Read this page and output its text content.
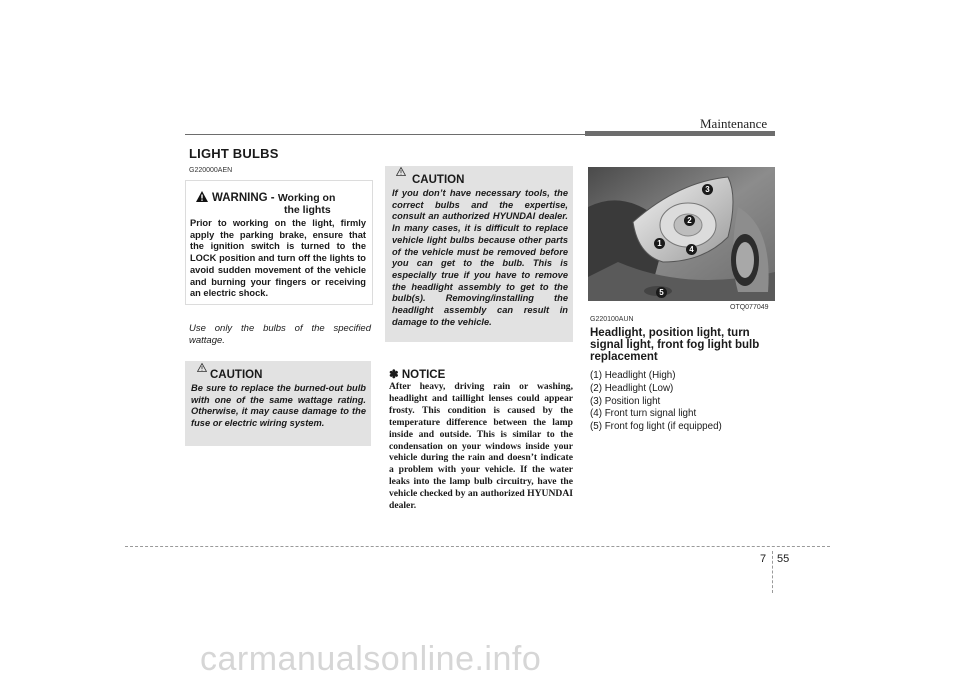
Maintenance
LIGHT BULBS
G220000AEN
WARNING - Working on
the lights
Prior to working on the light, firmly apply the parking brake, ensure that the ignition switch is turned to the LOCK position and turn off the lights to avoid sudden movement of the vehicle and burning your fingers or receiving an electric shock.
Use only the bulbs of the specified wattage.
CAUTION
Be sure to replace the burned-out bulb with one of the same wattage rating. Otherwise, it may cause damage to the fuse or electric wiring system.
CAUTION
If you don’t have necessary tools, the correct bulbs and the expertise, consult an authorized HYUNDAI dealer. In many cases, it is difficult to replace vehicle light bulbs because other parts of the vehicle must be removed before you can get to the bulb. This is especially true if you have to remove the headlight assembly to get to the bulb(s). Removing/installing the headlight assembly can result in damage to the vehicle.
✽ NOTICE
After heavy, driving rain or washing, headlight and taillight lenses could appear frosty. This condition is caused by the temperature difference between the lamp inside and outside. This is similar to the condensation on your windows inside your vehicle during the rain and doesn’t indicate a problem with your vehicle. If the water leaks into the lamp bulb circuitry, have the vehicle checked by an authorized HYUNDAI dealer.
3
2
1
4
5
OTQ077049
G220100AUN
Headlight, position light, turn signal light, front fog light bulb replacement
(1) Headlight (High)
(2) Headlight (Low)
(3) Position light
(4) Front turn signal light
(5) Front fog light (if equipped)
7 55
carmanualsonline.info
